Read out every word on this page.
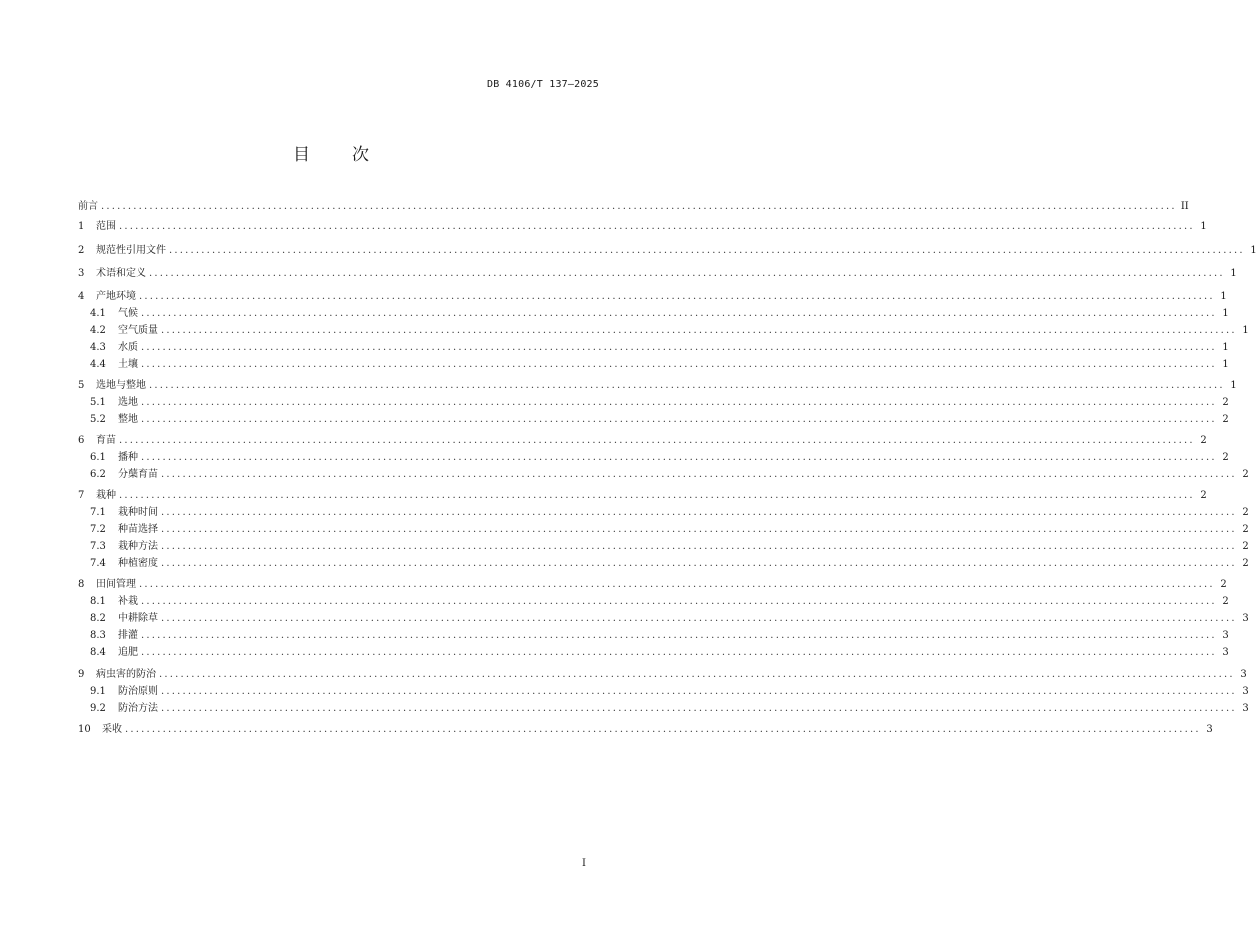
DB 4106/T 137—2025
目 次
前言 ........................................................................................................................................................................................................ II
1	范围 ........................................................................................................................................................................................................ 1
2	规范性引用文件 ........................................................................................................................................................................................................ 1
3	术语和定义 ........................................................................................................................................................................................................ 1
4	产地环境 ........................................................................................................................................................................................................ 1
4.1	气候 ........................................................................................................................................................................................................ 1
4.2	空气质量 ........................................................................................................................................................................................................ 1
4.3	水质 ........................................................................................................................................................................................................ 1
4.4	土壤 ........................................................................................................................................................................................................ 1
5	选地与整地 ........................................................................................................................................................................................................ 1
5.1	选地 ........................................................................................................................................................................................................ 2
5.2	整地 ........................................................................................................................................................................................................ 2
6	育苗 ........................................................................................................................................................................................................ 2
6.1	播种 ........................................................................................................................................................................................................ 2
6.2	分蘖育苗 ........................................................................................................................................................................................................ 2
7	栽种 ........................................................................................................................................................................................................ 2
7.1	栽种时间 ........................................................................................................................................................................................................ 2
7.2	种苗选择 ........................................................................................................................................................................................................ 2
7.3	栽种方法 ........................................................................................................................................................................................................ 2
7.4	种植密度 ........................................................................................................................................................................................................ 2
8	田间管理 ........................................................................................................................................................................................................ 2
8.1	补栽 ........................................................................................................................................................................................................ 2
8.2	中耕除草 ........................................................................................................................................................................................................ 3
8.3	排灌 ........................................................................................................................................................................................................ 3
8.4	追肥 ........................................................................................................................................................................................................ 3
9	病虫害的防治 ........................................................................................................................................................................................................ 3
9.1	防治原则 ........................................................................................................................................................................................................ 3
9.2	防治方法 ........................................................................................................................................................................................................ 3
10	采收 ........................................................................................................................................................................................................ 3
I
